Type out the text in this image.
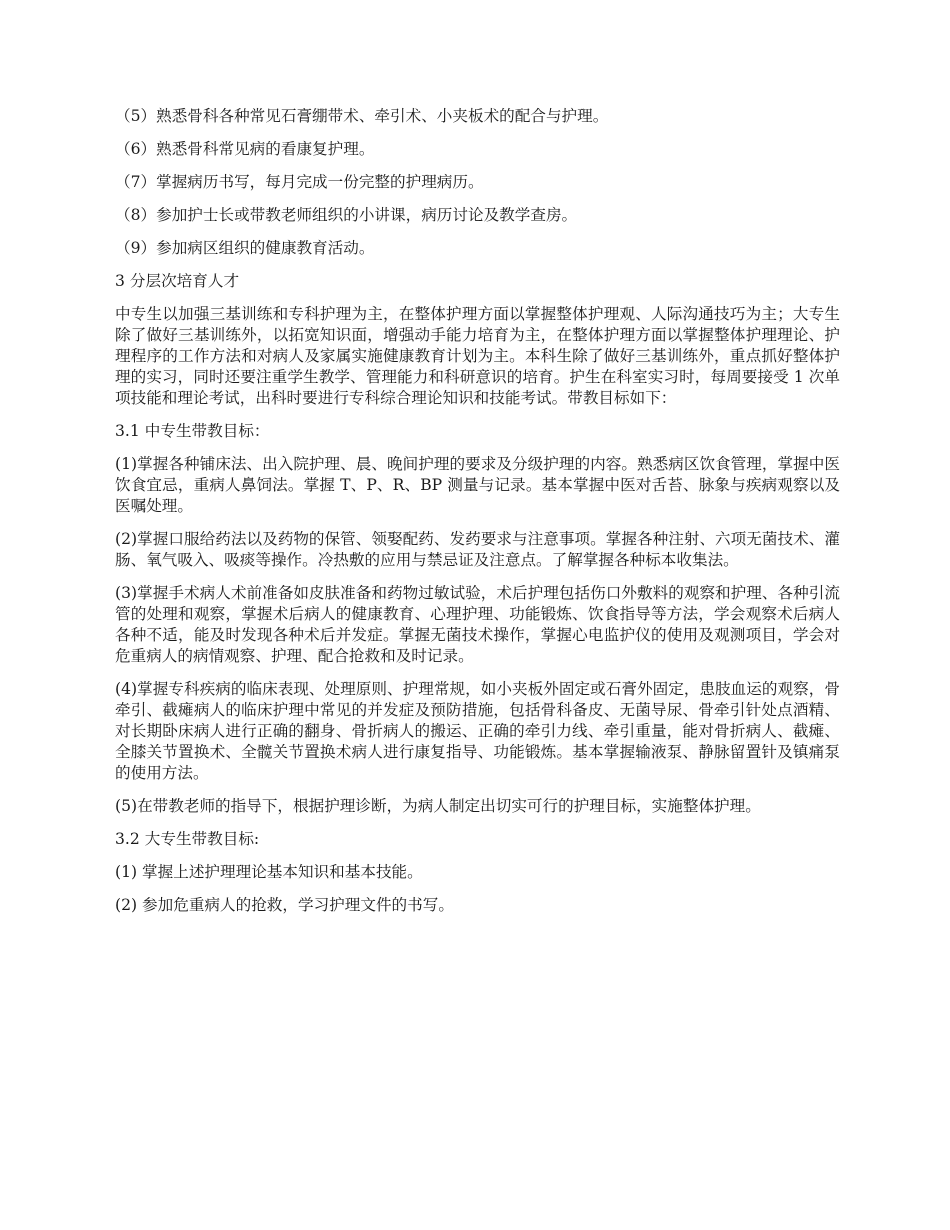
（5）熟悉骨科各种常见石膏绷带术、牵引术、小夹板术的配合与护理。

（6）熟悉骨科常见病的看康复护理。

（7）掌握病历书写，每月完成一份完整的护理病历。

（8）参加护士长或带教老师组织的小讲课，病历讨论及教学查房。

（9）参加病区组织的健康教育活动。

3 分层次培育人才

中专生以加强三基训练和专科护理为主，在整体护理方面以掌握整体护理观、人际沟通技巧为主；大专生除了做好三基训练外，以拓宽知识面，增强动手能力培育为主，在整体护理方面以掌握整体护理理论、护理程序的工作方法和对病人及家属实施健康教育计划为主。本科生除了做好三基训练外，重点抓好整体护理的实习，同时还要注重学生教学、管理能力和科研意识的培育。护生在科室实习时，每周要接受 1 次单项技能和理论考试，出科时要进行专科综合理论知识和技能考试。带教目标如下：

3.1 中专生带教目标：

(1)掌握各种铺床法、出入院护理、晨、晚间护理的要求及分级护理的内容。熟悉病区饮食管理，掌握中医饮食宜忌，重病人鼻饲法。掌握 T、P、R、BP 测量与记录。基本掌握中医对舌苔、脉象与疾病观察以及医嘱处理。

(2)掌握口服给药法以及药物的保管、领娶配药、发药要求与注意事项。掌握各种注射、六项无菌技术、灌肠、氧气吸入、吸痰等操作。冷热敷的应用与禁忌证及注意点。了解掌握各种标本收集法。

(3)掌握手术病人术前准备如皮肤准备和药物过敏试验，术后护理包括伤口外敷料的观察和护理、各种引流管的处理和观察，掌握术后病人的健康教育、心理护理、功能锻炼、饮食指导等方法，学会观察术后病人各种不适，能及时发现各种术后并发症。掌握无菌技术操作，掌握心电监护仪的使用及观测项目，学会对危重病人的病情观察、护理、配合抢救和及时记录。

(4)掌握专科疾病的临床表现、处理原则、护理常规，如小夹板外固定或石膏外固定，患肢血运的观察，骨牵引、截瘫病人的临床护理中常见的并发症及预防措施，包括骨科备皮、无菌导尿、骨牵引针处点酒精、对长期卧床病人进行正确的翻身、骨折病人的搬运、正确的牵引力线、牵引重量，能对骨折病人、截瘫、全膝关节置换术、全髋关节置换术病人进行康复指导、功能锻炼。基本掌握输液泵、静脉留置针及镇痛泵的使用方法。

(5)在带教老师的指导下，根据护理诊断，为病人制定出切实可行的护理目标，实施整体护理。

3.2 大专生带教目标:

(1) 掌握上述护理理论基本知识和基本技能。

(2) 参加危重病人的抢救，学习护理文件的书写。
